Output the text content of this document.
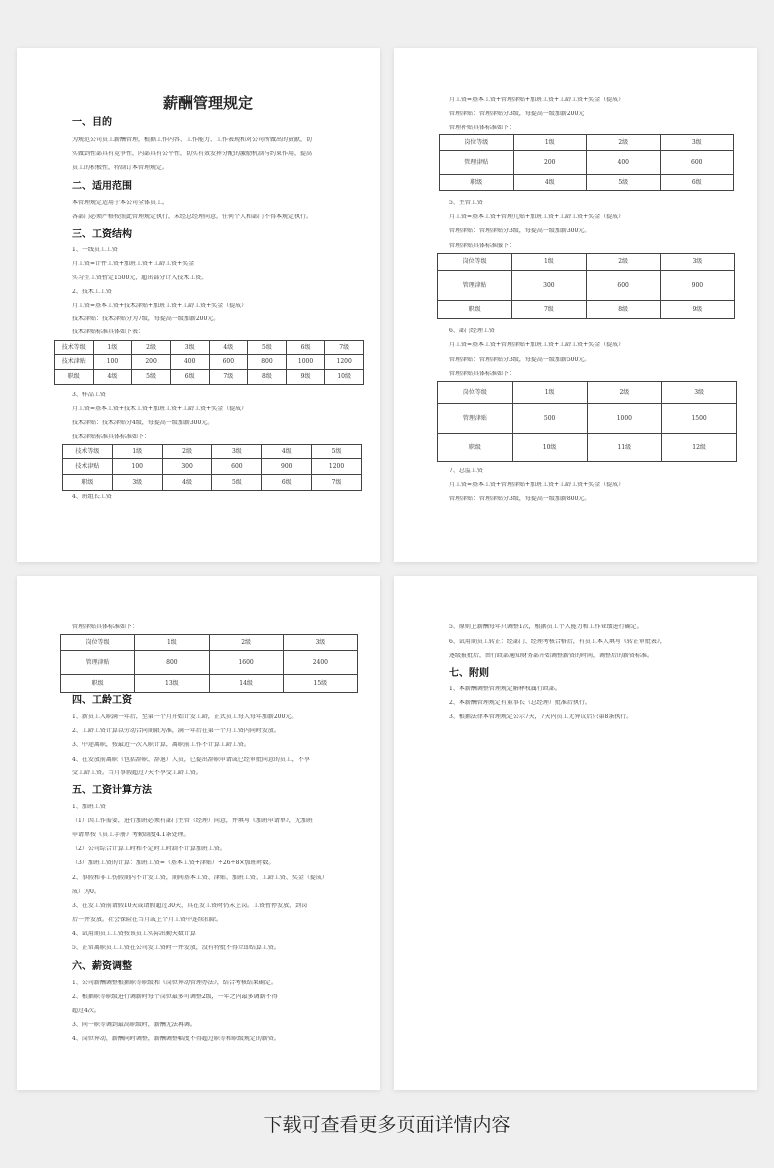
薪酬管理规定

一、目的

为规范公司员工薪酬管理，根据工作内容、工作能力、工作表现和对公司所做出的贡献，切

实做到性部具有竞争性，内部具有公平性，切实有效发挥分配的激励机制与约束作用，提高

员工的积极性，特制订本管理规定。

二、适用范围

本管理规定适用于本公司全体员工。

各部门必须严格按照此管理规定执行，未经总经理同意，任何个人和部门不得本规定执行。

三、工资结构

1、一线员工工资

月工资=计件工资+加班工资+工龄工资+奖金

实习生工资暂定1500元，超出部分计入技术工资。

2、技术工工资

月工资=基本工资+技术津贴+加班工资+工龄工资+奖金（提成）

技术津贴：技术津贴分为7级，每提高一级加薪200元。

技术津贴标准具体如下表：

技术等级	1级	2级	3级	4级	5级	6级	7级
技术津贴	100	200	400	600	800	1000	1200
职级	4级	5级	6级	7级	8级	9级	10级

3、样品工资

月工资=基本工资+技术工资+加班工资+工龄工资+奖金（提成）

技术津贴：技术津贴分4级，每提高一级加薪300元。

技术津贴标准具体标准如下：

技术等级	1级	2级	3级	4级	5级
技术津贴	100	300	600	900	1200
职级	3级	4级	5级	6级	7级

4、班组长工资

月工资=基本工资+管理津贴+加班工资+工龄工资+奖金（提成）

管理津贴：管理津贴分3级，每提高一级加薪200元

管理补贴具体标准如下：

岗位等级	1级	2级	3级
管理津贴	200	400	600
职级	4级	5级	6级

5、主管工资

月工资=基本工资+管理几贴+加班工资+工龄工资+奖金（提成）

管理津贴：管理津贴分3级，每提高一级加薪300元。

管理津贴具体标准服下：

岗位等级	1级	2级	3级
管理津贴	300	600	900
职级	7级	8级	9级

6、部门经理工资

月工资=基本工资+管理津贴+加班工资+工龄工资+奖金（提成）

管理津贴：管理津贴分3级，每提高一级加薪500元。

管理津贴具体标准如下：

岗位等级	1级	2级	3级
管理津贴	500	1000	1500
职级	10级	11级	12级

7、总监工资

月工资=基本工资+管理津贴+加班工资+工龄工资+奖金（提成）

管理津贴：管理津贴分3级，每提高一级加薪800元。

管理津贴具体标准如下：

岗位等级	1级	2级	3级
管理津贴	800	1600	2400
职级	13级	14级	15级

四、工龄工资

1、新员工入职满一年后，至第一个月开始计发工龄，正式员工每人每年加薪200元。

2、工龄工资计算以劳动合同期限为准，满一年后在第一个月工资内同时发放。

3、中途离职，按最近一次入职计算，离职前工作不计算工龄工资。

4、在发放前离职（包括辞职、辞退）人员，已提出辞职申请或已经审批同意的员工，不享

受工龄工资。当月事假超过7天不享受工龄工资。

五、工资计算方法

1、加班工资

（1）因工作需要，进行加班必须有部门主管（经理）同意，并填写《加班申请单》，无加班

申请单按《员工手册》考勤制度4.1条处理。

（2）公司综合计算工时和不定时工时制不计算加班工资。

（3）加班工资的计算：加班工资=（基本工资+津贴）÷26÷8×加班时数。

2、事假和非工伤假期内不计发工资，期间基本工资、津贴、加班工资、工龄工资、奖金（提成）

成）为0。

3、在发工资前请假10天或请假超过30天，具在发工资时仍未上岗。工资暂停发放，到岗

后一并发放。社会保险在当月或上个月工资中连续扣除。

4、试用期员工工资按该员工实际出勤天数计算

5、正常离职员工工资在公司发工资时一并发放，没有特批不得立即结算工资。

六、薪资调整

1、公司薪酬调整根据职等职级和《岗位异动管理办法》，结合考核结果确定。

2、根据职等职级进行调薪时每个岗位最多可调整2级，一年之内最多调薪不得

超过4次。

3、同一职等调到最高职级时，薪酬无法再调。

4、岗位异动，薪酬同时调整，薪酬调整幅度不得超过职等和职级规定的薪资。

5、原则上薪酬每年只调整1次，根据员工个人能力和工作业绩进行确定。

6、试用期员工转正：经部门、经理考核合格后，有员工本人填写《转正审批表》，

逐级报批后，由行政部通知财务部开始调整薪资的时间，调整后的薪资标准。

七、附则

1、本薪酬调整管理规定解释权属行政部。

2、本薪酬管理规定有董事长（总经理）批准后执行。

3、根据法律本管理规定公示7天，7天内员工无异议后只第8条执行。

下载可查看更多页面详情内容
